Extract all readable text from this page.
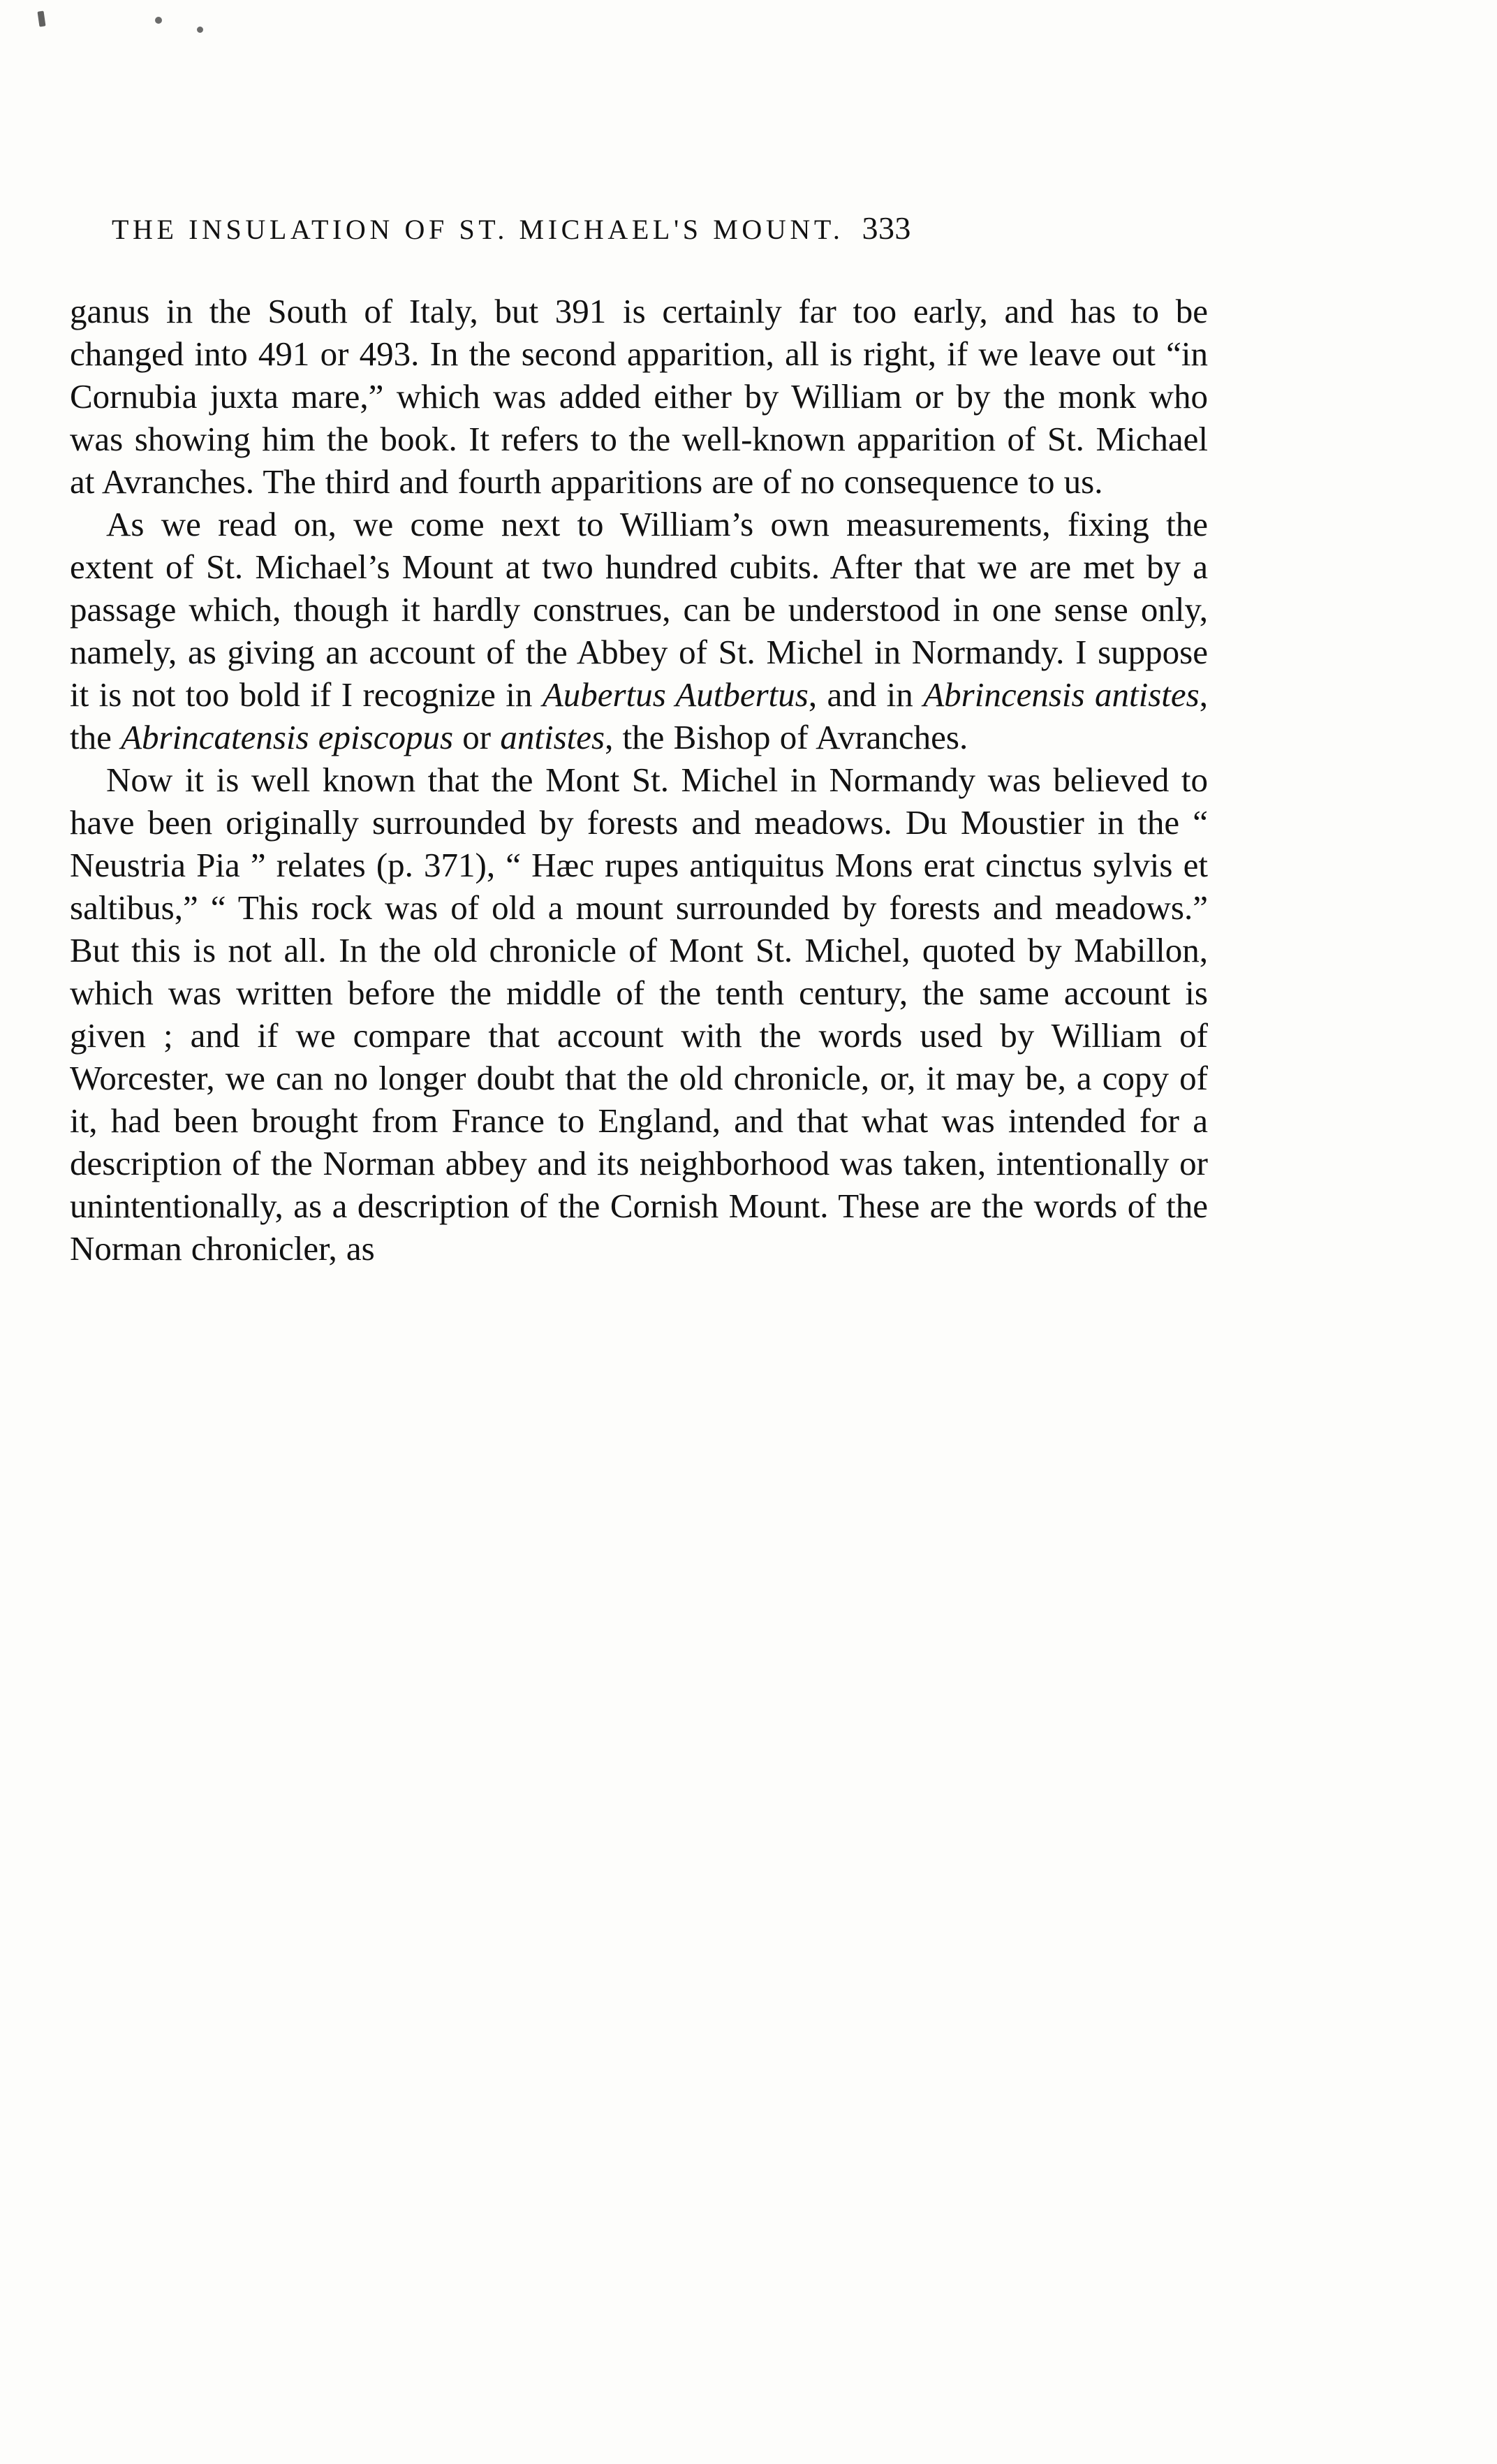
THE INSULATION OF ST. MICHAEL'S MOUNT. 333

ganus in the South of Italy, but 391 is certainly far too early, and has to be changed into 491 or 493. In the second apparition, all is right, if we leave out “in Cornubia juxta mare,” which was added either by William or by the monk who was showing him the book. It refers to the well-known apparition of St. Michael at Avranches. The third and fourth apparitions are of no consequence to us.

As we read on, we come next to William’s own measurements, fixing the extent of St. Michael’s Mount at two hundred cubits. After that we are met by a passage which, though it hardly construes, can be understood in one sense only, namely, as giving an account of the Abbey of St. Michel in Normandy. I suppose it is not too bold if I recognize in Aubertus Autbertus, and in Abrincensis antistes, the Abrincatensis episcopus or antistes, the Bishop of Avranches.

Now it is well known that the Mont St. Michel in Normandy was believed to have been originally surrounded by forests and meadows. Du Moustier in the “ Neustria Pia ” relates (p. 371), “ Hæc rupes antiquitus Mons erat cinctus sylvis et saltibus,” “ This rock was of old a mount surrounded by forests and meadows.” But this is not all. In the old chronicle of Mont St. Michel, quoted by Mabillon, which was written before the middle of the tenth century, the same account is given ; and if we compare that account with the words used by William of Worcester, we can no longer doubt that the old chronicle, or, it may be, a copy of it, had been brought from France to England, and that what was intended for a description of the Norman abbey and its neighborhood was taken, intentionally or unintentionally, as a description of the Cornish Mount. These are the words of the Norman chronicler, as
